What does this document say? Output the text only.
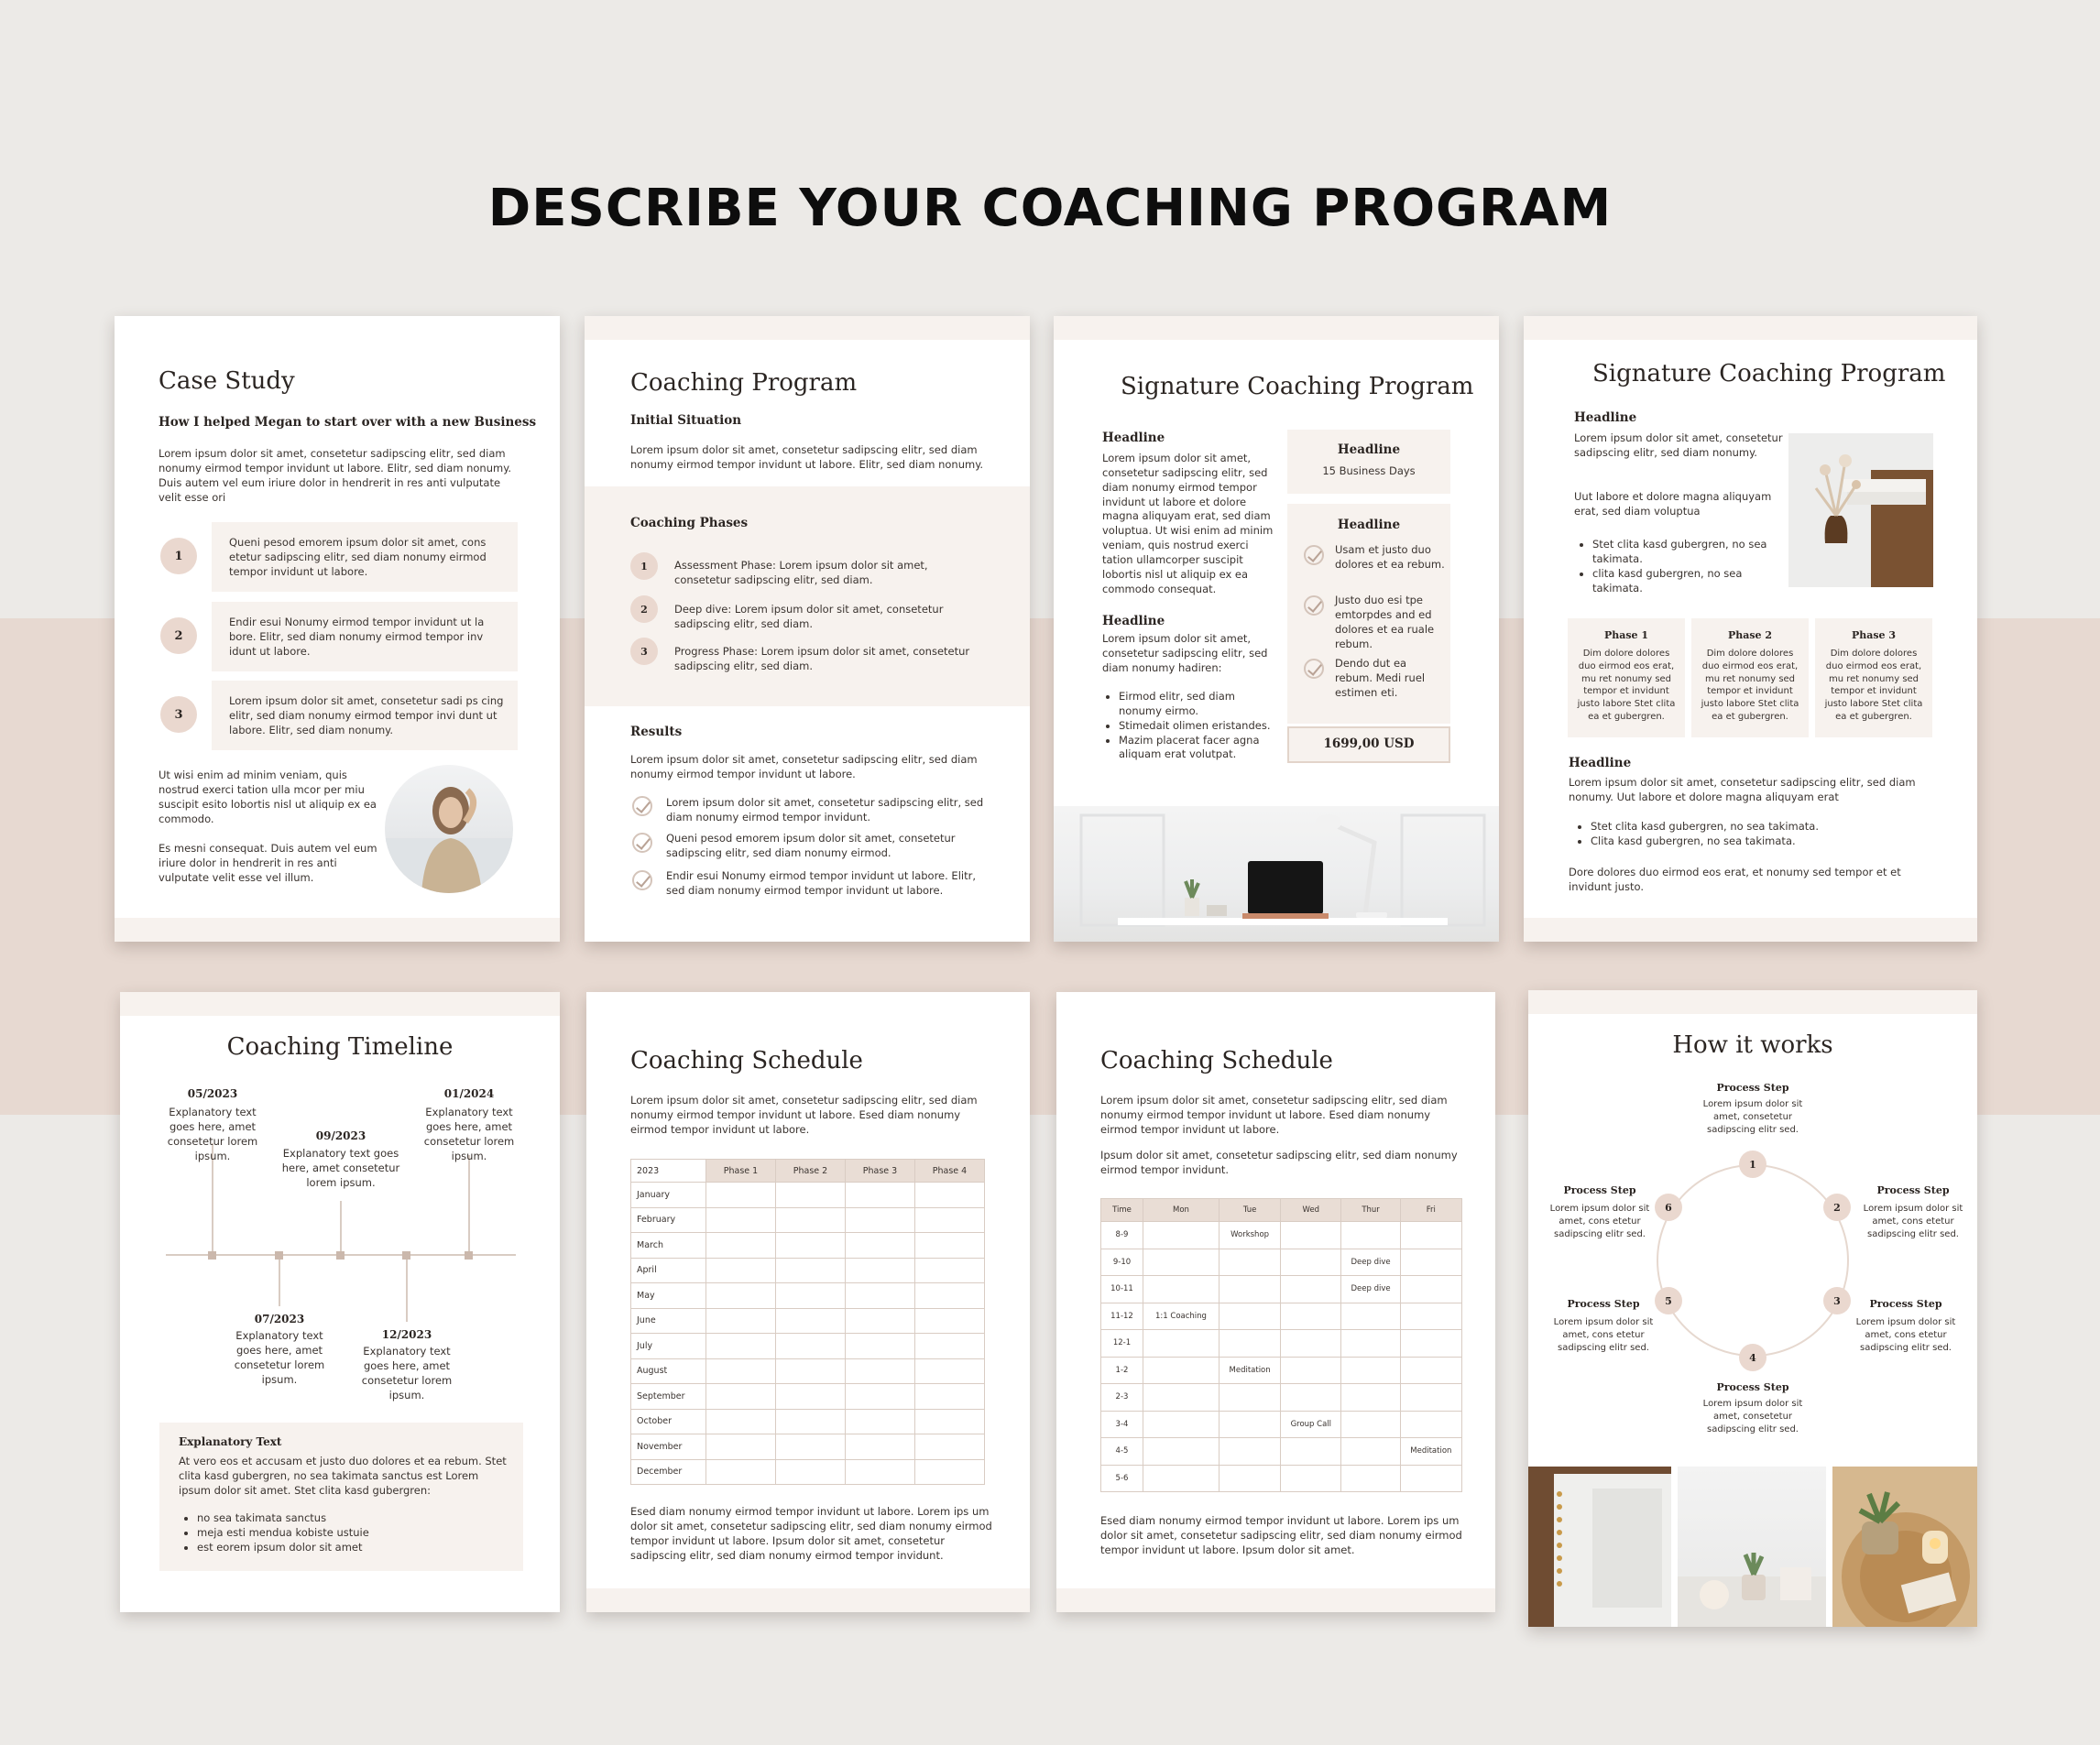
DESCRIBE YOUR COACHING PROGRAM
Case Study
How I helped Megan to start over with a new Business
Lorem ipsum dolor sit amet, consetetur sadipscing elitr, sed diam nonumy eirmod tempor invidunt ut labore. Elitr, sed diam nonumy. Duis autem vel eum iriure dolor in hendrerit in res anti vulputate velit esse ori
1
Queni pesod emorem ipsum dolor sit amet, cons etetur sadipscing elitr, sed diam nonumy eirmod tempor invidunt ut labore.
2
Endir esui Nonumy eirmod tempor invidunt ut la bore. Elitr, sed diam nonumy eirmod tempor inv idunt ut labore.
3
Lorem ipsum dolor sit amet, consetetur sadi ps cing elitr, sed diam nonumy eirmod tempor invi dunt ut labore. Elitr, sed diam nonumy.
Ut wisi enim ad minim veniam, quis nostrud exerci tation ulla mcor per miu suscipit esito lobortis nisl ut aliquip ex ea commodo.
Es mesni consequat. Duis autem vel eum iriure dolor in hendrerit in res anti vulputate velit esse vel illum.
Coaching Program
Initial Situation
Lorem ipsum dolor sit amet, consetetur sadipscing elitr, sed diam nonumy eirmod tempor invidunt ut labore. Elitr, sed diam nonumy.
Coaching Phases
1	Assessment Phase: Lorem ipsum dolor sit amet, consetetur sadipscing elitr, sed diam.
2	Deep dive: Lorem ipsum dolor sit amet, consetetur sadipscing elitr, sed diam.
3	Progress Phase: Lorem ipsum dolor sit amet, consetetur sadipscing elitr, sed diam.
Results
Lorem ipsum dolor sit amet, consetetur sadipscing elitr, sed diam nonumy eirmod tempor invidunt ut labore.
Lorem ipsum dolor sit amet, consetetur sadipscing elitr, sed diam nonumy eirmod tempor invidunt.
Queni pesod emorem ipsum dolor sit amet, consetetur sadipscing elitr, sed diam nonumy eirmod.
Endir esui Nonumy eirmod tempor invidunt ut labore. Elitr, sed diam nonumy eirmod tempor invidunt ut labore.
Signature Coaching Program
Headline
Lorem ipsum dolor sit amet, consetetur sadipscing elitr, sed diam nonumy eirmod tempor invidunt ut labore et dolore magna aliquyam erat, sed diam voluptua. Ut wisi enim ad minim veniam, quis nostrud exerci tation ullamcorper suscipit lobortis nisl ut aliquip ex ea commodo consequat.
Headline
Lorem ipsum dolor sit amet, consetetur sadipscing elitr, sed diam nonumy hadiren:
• Eirmod elitr, sed diam nonumy eirmo.
• Stimedait olimen eristandes.
• Mazim placerat facer agna aliquam erat volutpat.
Headline
15 Business Days
Headline
Usam et justo duo dolores et ea rebum.
Justo duo esi tpe emtorpdes and ed dolores et ea ruale rebum.
Dendo dut ea rebum. Medi ruel estimen eti.
1699,00 USD
Signature Coaching Program
Headline
Lorem ipsum dolor sit amet, consetetur sadipscing elitr, sed diam nonumy.
Uut labore et dolore magna aliquyam erat, sed diam voluptua
• Stet clita kasd gubergren, no sea takimata.
• clita kasd gubergren, no sea takimata.
Phase 1
Dim dolore dolores duo eirmod eos erat, mu ret nonumy sed tempor et invidunt justo labore Stet clita ea et gubergren.
Phase 2
Dim dolore dolores duo eirmod eos erat, mu ret nonumy sed tempor et invidunt justo labore Stet clita ea et gubergren.
Phase 3
Dim dolore dolores duo eirmod eos erat, mu ret nonumy sed tempor et invidunt justo labore Stet clita ea et gubergren.
Headline
Lorem ipsum dolor sit amet, consetetur sadipscing elitr, sed diam nonumy. Uut labore et dolore magna aliquyam erat
• Stet clita kasd gubergren, no sea takimata.
• Clita kasd gubergren, no sea takimata.
Dore dolores duo eirmod eos erat, et nonumy sed tempor et et invidunt justo.
Coaching Timeline
05/2023
Explanatory text goes here, amet consetetur lorem ipsum.
07/2023
Explanatory text goes here, amet consetetur lorem ipsum.
09/2023
Explanatory text goes here, amet consetetur lorem ipsum.
12/2023
Explanatory text goes here, amet consetetur lorem ipsum.
01/2024
Explanatory text goes here, amet consetetur lorem ipsum.
Explanatory Text
At vero eos et accusam et justo duo dolores et ea rebum. Stet clita kasd gubergren, no sea takimata sanctus est Lorem ipsum dolor sit amet. Stet clita kasd gubergren:
• no sea takimata sanctus
• meja esti mendua kobiste ustuie
• est eorem ipsum dolor sit amet
Coaching Schedule
Lorem ipsum dolor sit amet, consetetur sadipscing elitr, sed diam nonumy eirmod tempor invidunt ut labore. Esed diam nonumy eirmod tempor invidunt ut labore.
2023	Phase 1	Phase 2	Phase 3	Phase 4
January				
February				
March				
April				
May				
June				
July				
August				
September				
October				
November				
December				
Esed diam nonumy eirmod tempor invidunt ut labore. Lorem ips um dolor sit amet, consetetur sadipscing elitr, sed diam nonumy eirmod tempor invidunt ut labore. Ipsum dolor sit amet, consetetur sadipscing elitr, sed diam nonumy eirmod tempor invidunt.
Coaching Schedule
Lorem ipsum dolor sit amet, consetetur sadipscing elitr, sed diam nonumy eirmod tempor invidunt ut labore. Esed diam nonumy eirmod tempor invidunt ut labore.
Ipsum dolor sit amet, consetetur sadipscing elitr, sed diam nonumy eirmod tempor invidunt.
Time	Mon	Tue	Wed	Thur	Fri
8-9		Workshop			
9-10				Deep dive	
10-11				Deep dive	
11-12	1:1 Coaching				
12-1					
1-2		Meditation			
2-3					
3-4			Group Call		
4-5					Meditation
5-6					
Esed diam nonumy eirmod tempor invidunt ut labore. Lorem ips um dolor sit amet, consetetur sadipscing elitr, sed diam nonumy eirmod tempor invidunt ut labore. Ipsum dolor sit amet.
How it works
1
2
3
4
5
6
Process Step
Lorem ipsum dolor sit amet, consetetur sadipscing elitr sed.
Process Step
Lorem ipsum dolor sit amet, cons etetur sadipscing elitr sed.
Process Step
Lorem ipsum dolor sit amet, cons etetur sadipscing elitr sed.
Process Step
Lorem ipsum dolor sit amet, consetetur sadipscing elitr sed.
Process Step
Lorem ipsum dolor sit amet, cons etetur sadipscing elitr sed.
Process Step
Lorem ipsum dolor sit amet, cons etetur sadipscing elitr sed.
